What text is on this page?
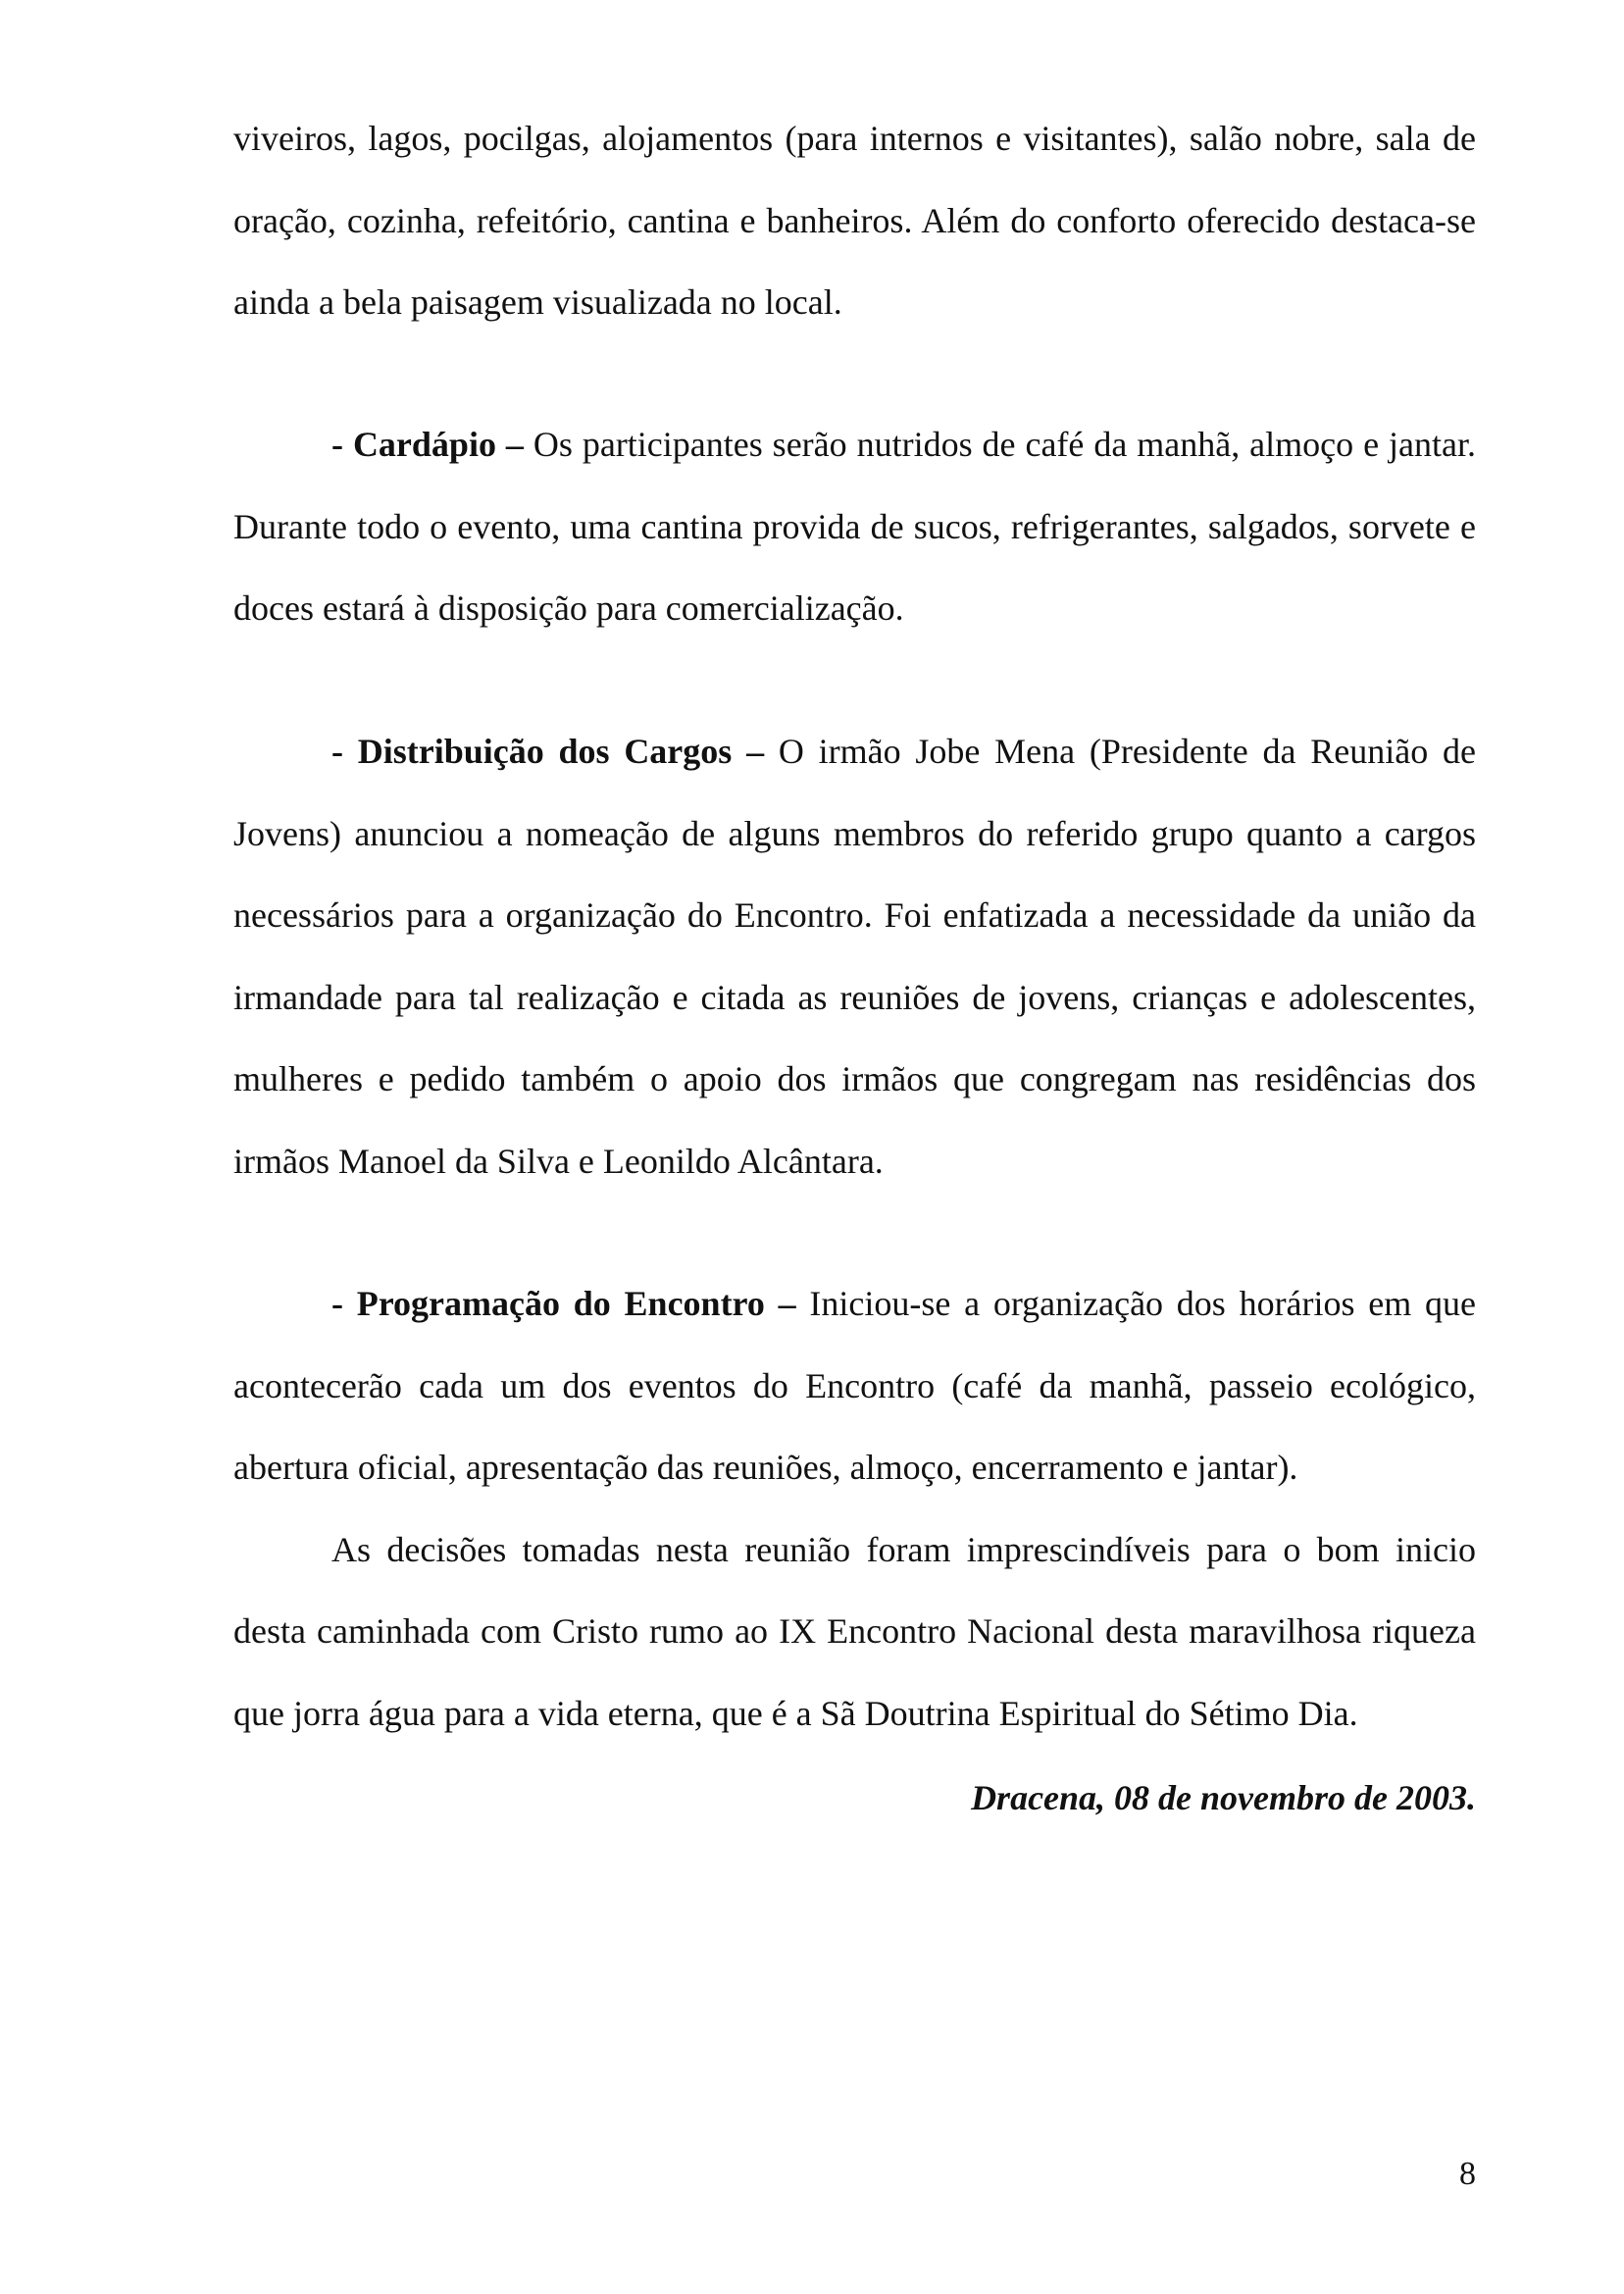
viveiros, lagos, pocilgas, alojamentos (para internos e visitantes), salão nobre, sala de oração, cozinha, refeitório, cantina e banheiros. Além do conforto oferecido destaca-se ainda a bela paisagem visualizada no local.

- Cardápio – Os participantes serão nutridos de café da manhã, almoço e jantar. Durante todo o evento, uma cantina provida de sucos, refrigerantes, salgados, sorvete e doces estará à disposição para comercialização.

- Distribuição dos Cargos – O irmão Jobe Mena (Presidente da Reunião de Jovens) anunciou a nomeação de alguns membros do referido grupo quanto a cargos necessários para a organização do Encontro. Foi enfatizada a necessidade da união da irmandade para tal realização e citada as reuniões de jovens, crianças e adolescentes, mulheres e pedido também o apoio dos irmãos que congregam nas residências dos irmãos Manoel da Silva e Leonildo Alcântara.

- Programação do Encontro – Iniciou-se a organização dos horários em que acontecerão cada um dos eventos do Encontro (café da manhã, passeio ecológico, abertura oficial, apresentação das reuniões, almoço, encerramento e jantar).

As decisões tomadas nesta reunião foram imprescindíveis para o bom inicio desta caminhada com Cristo rumo ao IX Encontro Nacional desta maravilhosa riqueza que jorra água para a vida eterna, que é a Sã Doutrina Espiritual do Sétimo Dia.

Dracena, 08 de novembro de 2003.
8
